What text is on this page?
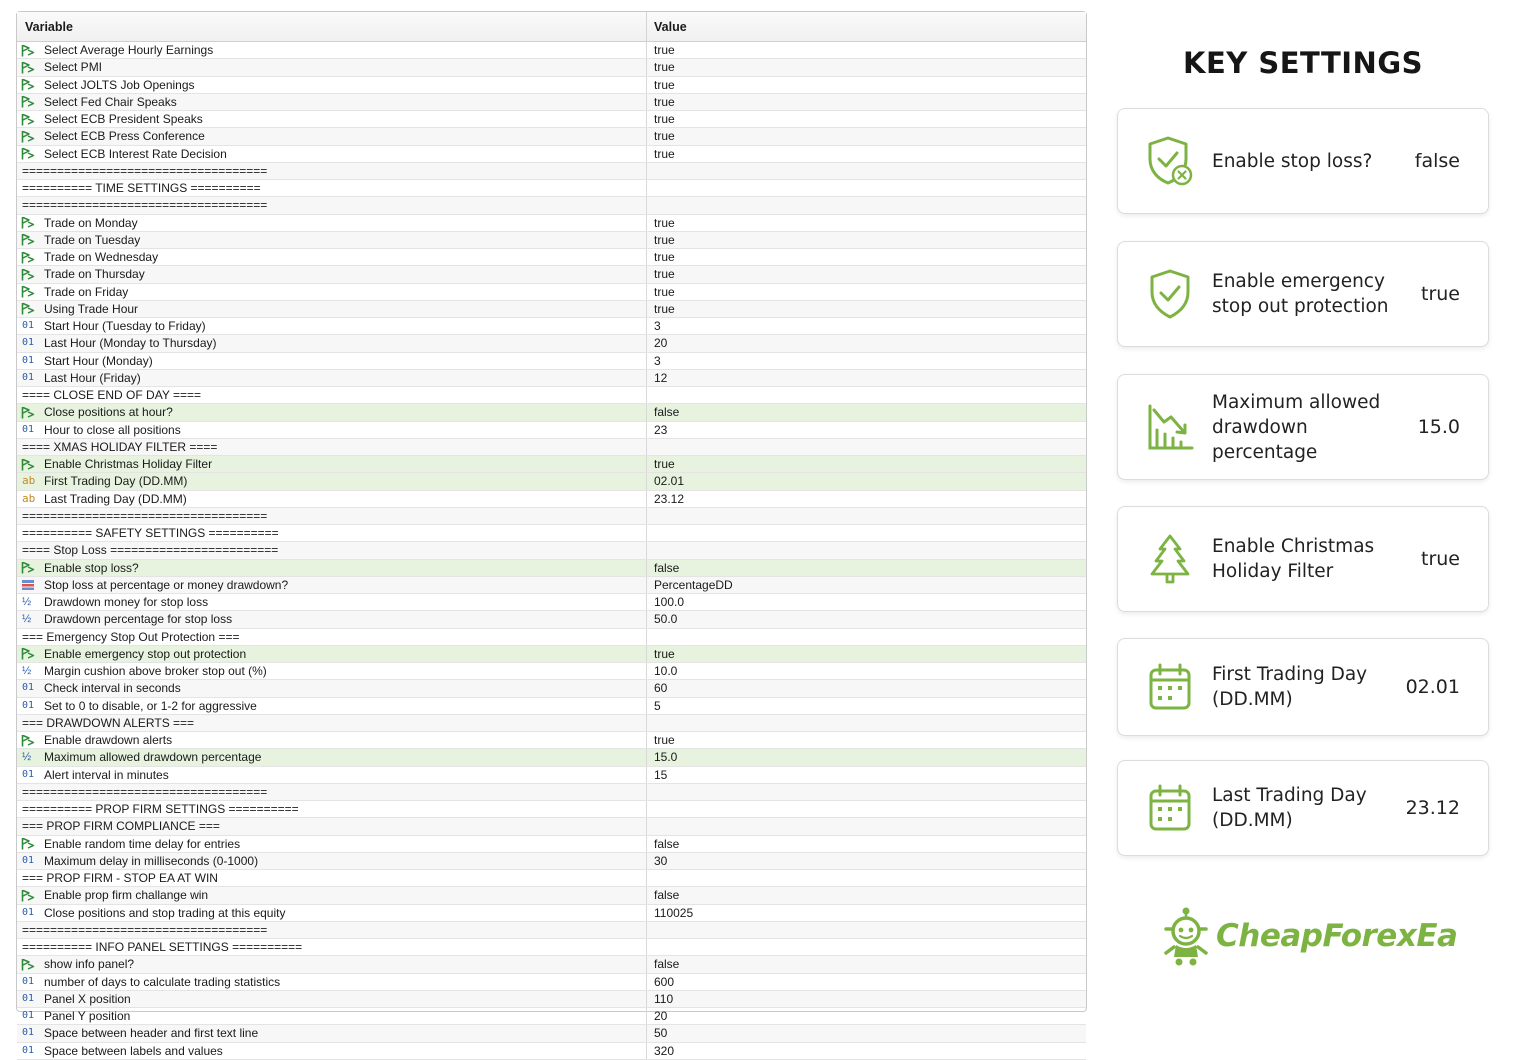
Variable	Value
Select Average Hourly Earnings	true
Select PMI	true
Select JOLTS Job Openings	true
Select Fed Chair Speaks	true
Select ECB President Speaks	true
Select ECB Press Conference	true
Select ECB Interest Rate Decision	true
===================================
========== TIME SETTINGS ==========
===================================
Trade on Monday	true
Trade on Tuesday	true
Trade on Wednesday	true
Trade on Thursday	true
Trade on Friday	true
Using Trade Hour	true
01 Start Hour (Tuesday to Friday)	3
01 Last Hour (Monday to Thursday)	20
01 Start Hour (Monday)	3
01 Last Hour (Friday)	12
==== CLOSE END OF DAY ====
Close positions at hour?	false
01 Hour to close all positions	23
==== XMAS HOLIDAY FILTER ====
Enable Christmas Holiday Filter	true
ab First Trading Day (DD.MM)	02.01
ab Last Trading Day (DD.MM)	23.12
===================================
========== SAFETY SETTINGS ==========
==== Stop Loss ========================
Enable stop loss?	false
Stop loss at percentage or money drawdown?	PercentageDD
½	Drawdown money for stop loss	100.0
½	Drawdown percentage for stop loss	50.0
=== Emergency Stop Out Protection ===
Enable emergency stop out protection	true
½	Margin cushion above broker stop out (%)	10.0
01 Check interval in seconds	60
01 Set to 0 to disable, or 1-2 for aggressive	5
=== DRAWDOWN ALERTS ===
Enable drawdown alerts	true
½	Maximum allowed drawdown percentage	15.0
01 Alert interval in minutes	15
===================================
========== PROP FIRM SETTINGS ==========
=== PROP FIRM COMPLIANCE ===
Enable random time delay for entries	false
01 Maximum delay in milliseconds (0-1000)	30
=== PROP FIRM - STOP EA AT WIN
Enable prop firm challange win	false
01 Close positions and stop trading at this equity	110025
===================================
========== INFO PANEL SETTINGS ==========
show info panel?	false
01 number of days to calculate trading statistics	600
01 Panel X position	110
01 Panel Y position	20
01 Space between header and first text line	50
01 Space between labels and values	320
KEY SETTINGS
Enable stop loss?	false
Enable emergency stop out protection
true
Maximum allowed drawdown percentage
15.0
Enable Christmas Holiday Filter
true
First Trading Day (DD.MM)
02.01
Last Trading Day (DD.MM)
23.12
CheapForexEa
